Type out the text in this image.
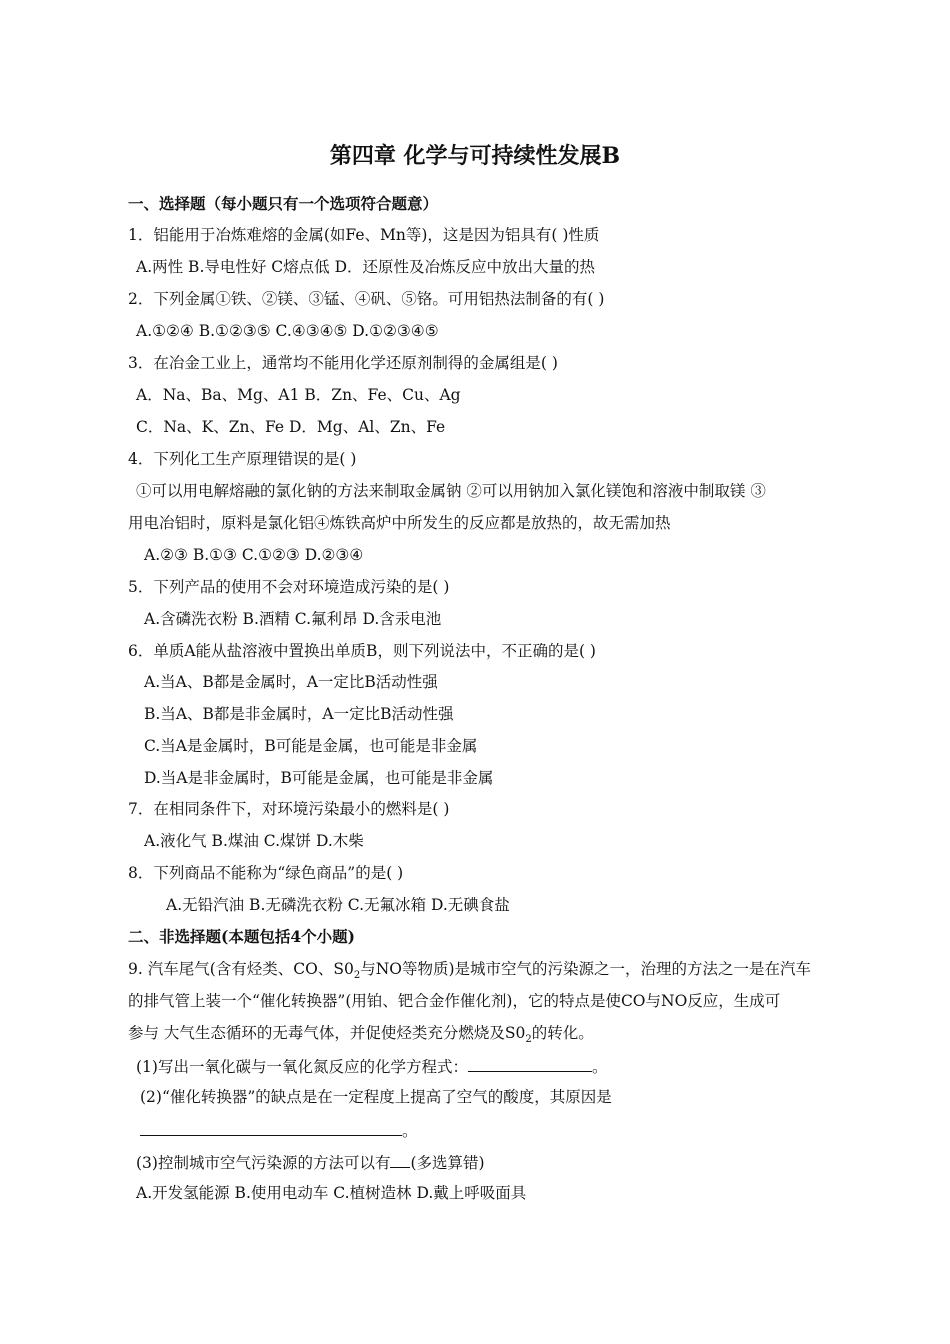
第四章 化学与可持续性发展B
一、选择题（每小题只有一个选项符合题意）
1．铝能用于冶炼难熔的金属(如Fe、Mn等)，这是因为铝具有( )性质
A.两性 B.导电性好 C熔点低 D．还原性及冶炼反应中放出大量的热
2．下列金属①铁、②镁、③锰、④矾、⑤铬。可用铝热法制备的有( )
A.①②④ B.①②③⑤ C.④③④⑤ D.①②③④⑤
3．在冶金工业上，通常均不能用化学还原剂制得的金属组是( )
A．Na、Ba、Mg、A1 B．Zn、Fe、Cu、Ag
C．Na、K、Zn、Fe D．Mg、Al、Zn、Fe
4．下列化工生产原理错误的是( )
①可以用电解熔融的氯化钠的方法来制取金属钠 ②可以用钠加入氯化镁饱和溶液中制取镁 ③
用电冶铝时，原料是氯化铝④炼铁高炉中所发生的反应都是放热的，故无需加热
A.②③ B.①③ C.①②③ D.②③④
5．下列产品的使用不会对环境造成污染的是( )
A.含磷洗衣粉 B.酒精 C.氟利昂 D.含汞电池
6．单质A能从盐溶液中置换出单质B，则下列说法中，不正确的是( )
A.当A、B都是金属时，A一定比B活动性强
B.当A、B都是非金属时，A一定比B活动性强
C.当A是金属时，B可能是金属，也可能是非金属
D.当A是非金属时，B可能是金属，也可能是非金属
7．在相同条件下，对环境污染最小的燃料是( )
A.液化气 B.煤油 C.煤饼 D.木柴
8．下列商品不能称为“绿色商品”的是( )
A.无铅汽油 B.无磷洗衣粉 C.无氟冰箱 D.无碘食盐
二、非选择题(本题包括4个小题)
9. 汽车尾气(含有烃类、CO、$S0_2$与NO等物质)是城市空气的污染源之一，治理的方法之一是在汽车
的排气管上装一个“催化转换器”(用铂、钯合金作催化剂)，它的特点是使CO与NO反应，生成可
参与 大气生态循环的无毒气体，并促使烃类充分燃烧及$S0_2$的转化。
(1)写出一氧化碳与一氧化氮反应的化学方程式：	。
(2)“催化转换器”的缺点是在一定程度上提高了空气的酸度，其原因是
。
(3)控制城市空气污染源的方法可以有 (多选算错)
A.开发氢能源 B.使用电动车 C.植树造林 D.戴上呼吸面具
